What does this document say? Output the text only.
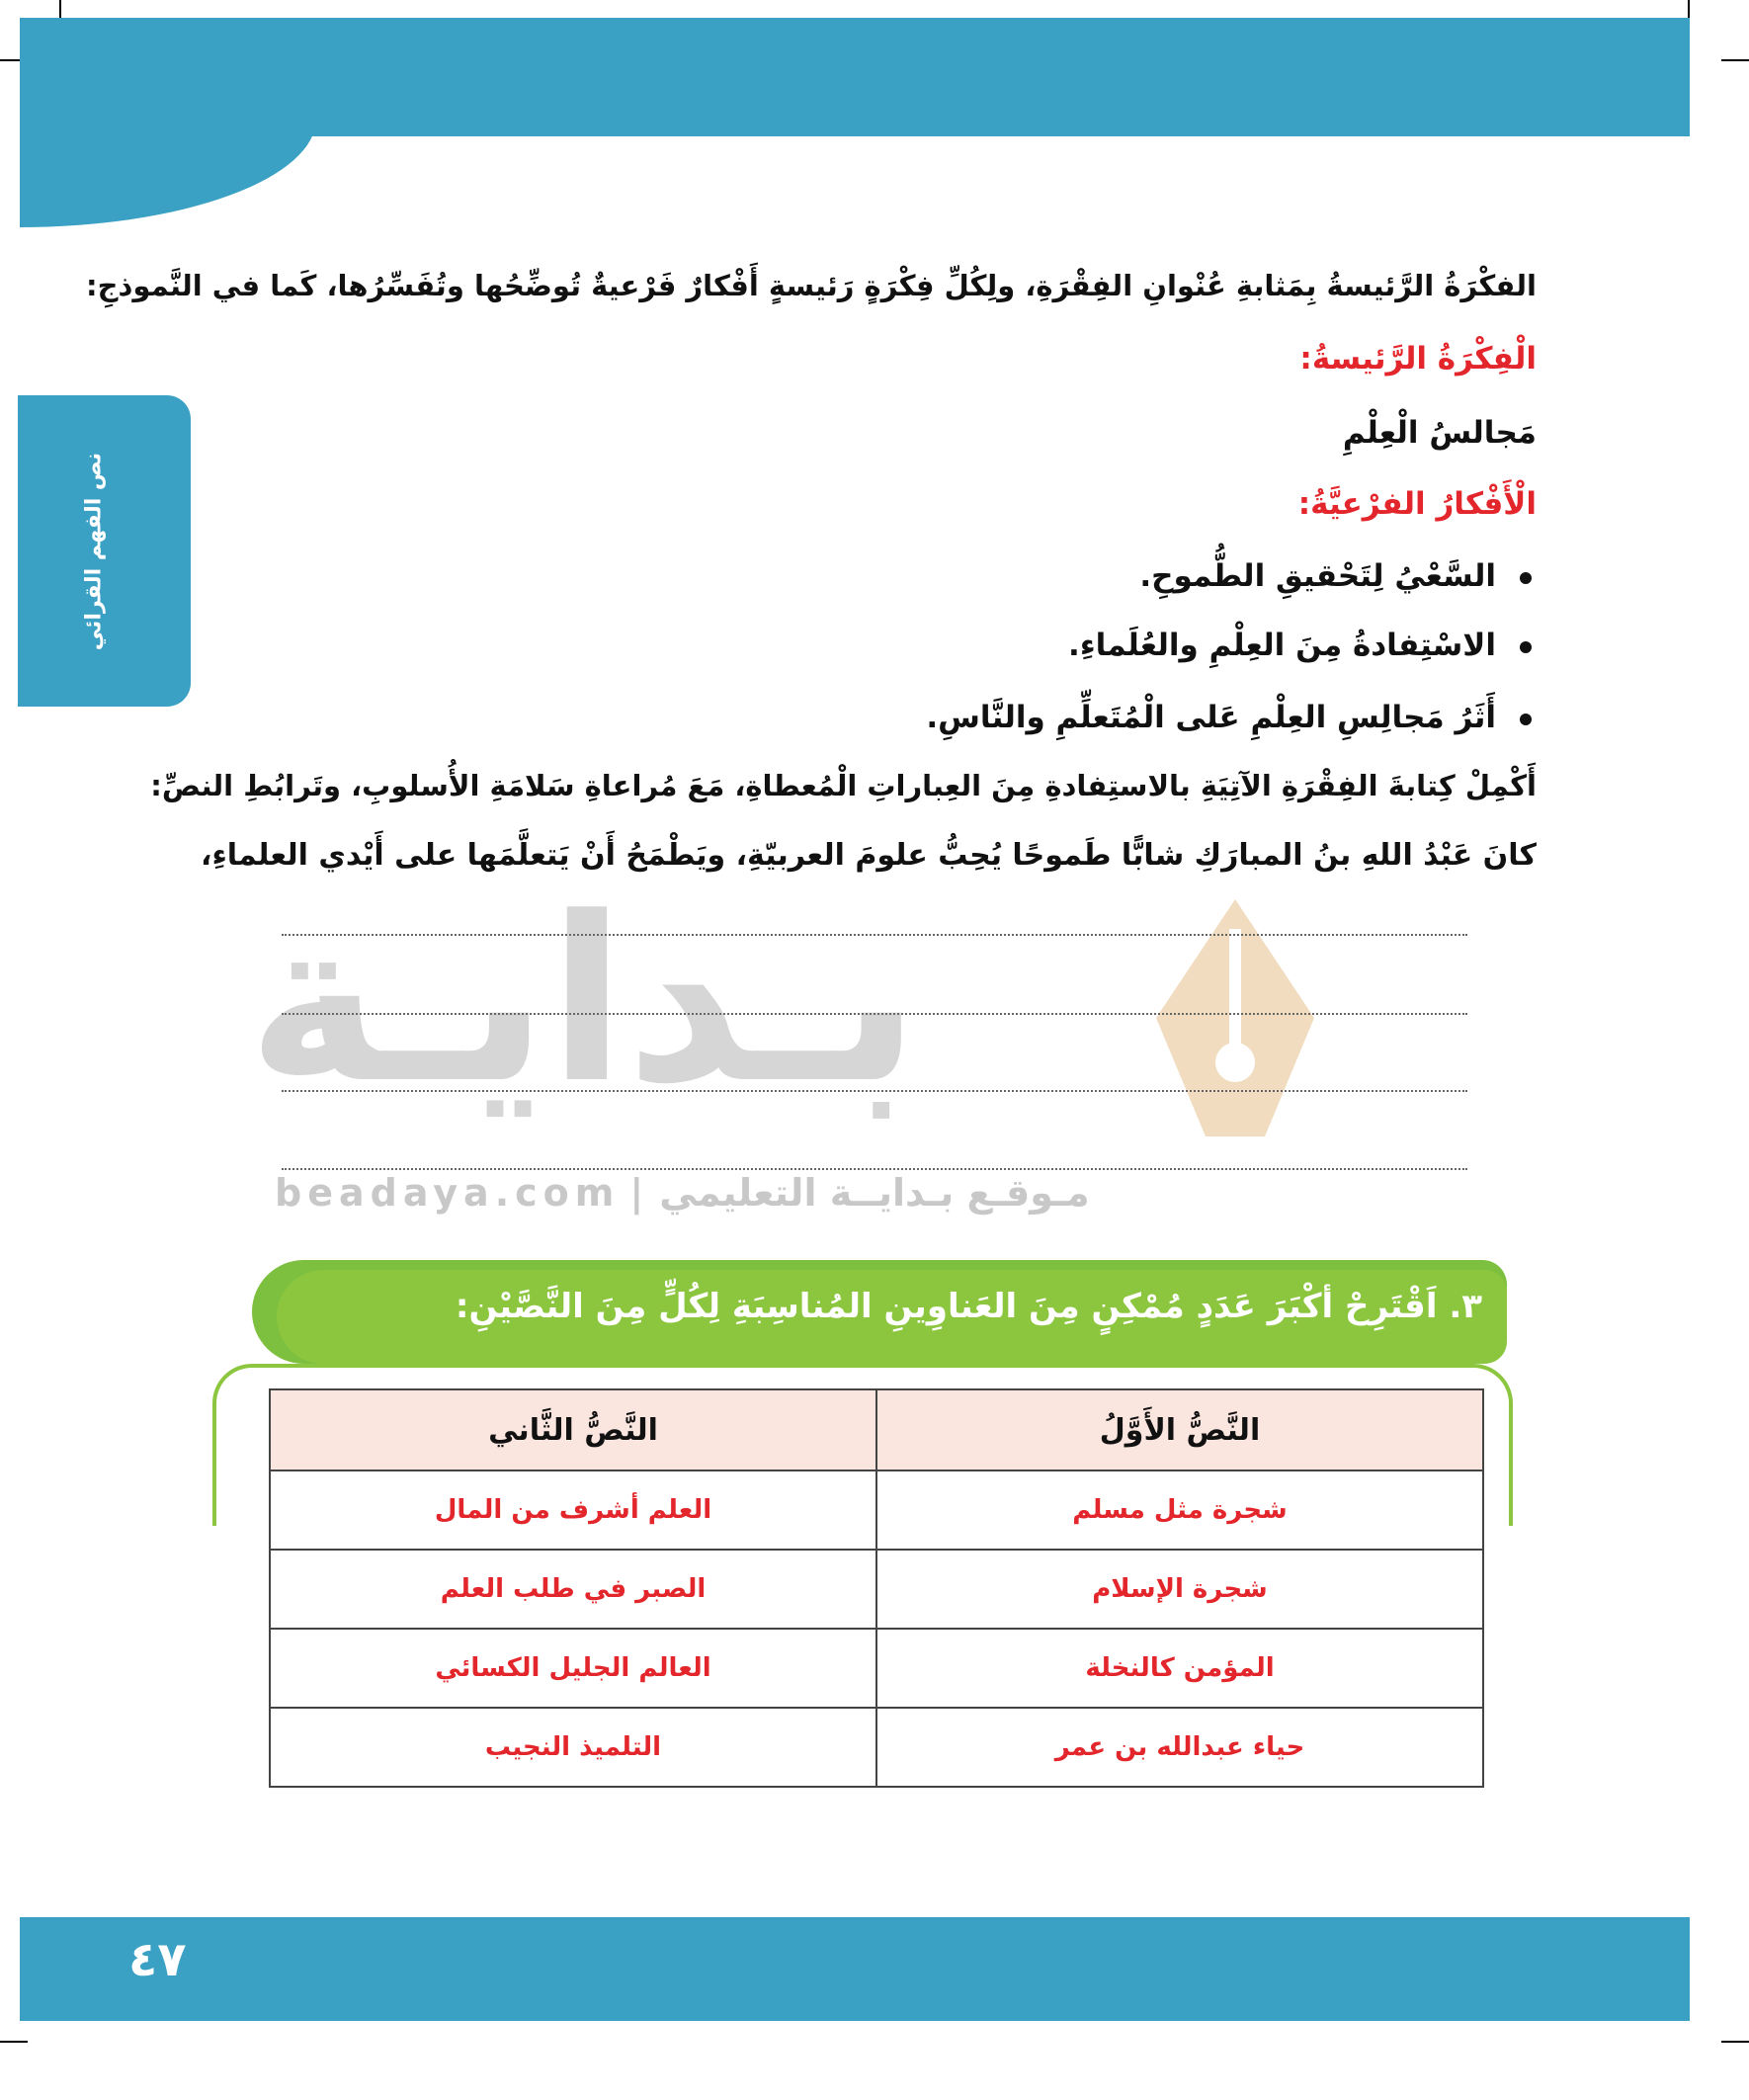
نص الفهم القرائي
الفكْرَةُ الرَّئيسةُ بِمَثابةِ عُنْوانِ الفِقْرَةِ، ولِكُلِّ فِكْرَةٍ رَئيسةٍ أَفْكارٌ فَرْعيةٌ تُوضِّحُها وتُفَسِّرُها، كَما في النَّموذجِ:
الْفِكْرَةُ الرَّئيسةُ:
مَجالسُ الْعِلْمِ
الْأَفْكارُ الفرْعيَّةُ:
السَّعْيُ لِتَحْقيقِ الطُّموحِ.
الاسْتِفادةُ مِنَ العِلْمِ والعُلَماءِ.
أَثَرُ مَجالِسِ العِلْمِ عَلى الْمُتَعلِّمِ والنَّاسِ.
أَكْمِلْ كِتابةَ الفِقْرَةِ الآتِيَةِ بالاستِفادةِ مِنَ العِباراتِ الْمُعطاةِ، مَعَ مُراعاةِ سَلامَةِ الأُسلوبِ، وتَرابُطِ النصِّ:
كانَ عَبْدُ اللهِ بنُ المبارَكِ شابًّا طَموحًا يُحِبُّ علومَ العربيّةِ، ويَطْمَحُ أَنْ يَتعلَّمَها على أَيْدي العلماءِ،
بـدايـة
beadaya.com | مـوقـع بـدايــة التعليمي
٣. اَقْتَرِحْ أكْبَرَ عَدَدٍ مُمْكِنٍ مِنَ العَناوِينِ المُناسِبَةِ لِكُلٍّ مِنَ النَّصَّيْنِ:
النَّصُّ الأَوَّلُ	النَّصُّ الثَّاني
شجرة مثل مسلم	العلم أشرف من المال
شجرة الإسلام	الصبر في طلب العلم
المؤمن كالنخلة	العالم الجليل الكسائي
حياء عبدالله بن عمر	التلميذ النجيب
٤٧
